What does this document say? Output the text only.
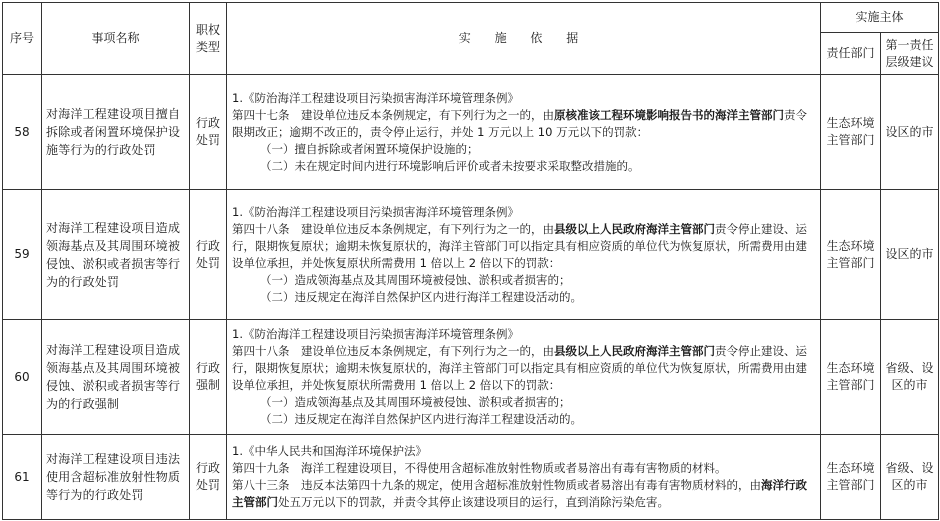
序号	事项名称	职权类型	实 施 依 据	实施主体	
				责任部门	第一责任层级建议
58	对海洋工程建设项目擅自拆除或者闲置环境保护设施等行为的行政处罚	行政处罚	1.《防治海洋工程建设项目污染损害海洋环境管理条例》

第四十七条　建设单位违反本条例规定，有下列行为之一的，由原核准该工程环境影响报告书的海洋主管部门责令限期改正；逾期不改正的，责令停止运行，并处 1 万元以上 10 万元以下的罚款：

（一）擅自拆除或者闲置环境保护设施的；

（二）未在规定时间内进行环境影响后评价或者未按要求采取整改措施的。	生态环境主管部门	设区的市
59	对海洋工程建设项目造成领海基点及其周围环境被侵蚀、淤积或者损害等行为的行政处罚	行政处罚	1.《防治海洋工程建设项目污染损害海洋环境管理条例》

第四十八条　建设单位违反本条例规定，有下列行为之一的，由县级以上人民政府海洋主管部门责令停止建设、运行，限期恢复原状；逾期未恢复原状的，海洋主管部门可以指定具有相应资质的单位代为恢复原状，所需费用由建设单位承担，并处恢复原状所需费用 1 倍以上 2 倍以下的罚款：

（一）造成领海基点及其周围环境被侵蚀、淤积或者损害的；

（二）违反规定在海洋自然保护区内进行海洋工程建设活动的。	生态环境主管部门	设区的市
60	对海洋工程建设项目造成领海基点及其周围环境被侵蚀、淤积或者损害等行为的行政强制	行政强制	1.《防治海洋工程建设项目污染损害海洋环境管理条例》

第四十八条　建设单位违反本条例规定，有下列行为之一的，由县级以上人民政府海洋主管部门责令停止建设、运行，限期恢复原状；逾期未恢复原状的，海洋主管部门可以指定具有相应资质的单位代为恢复原状，所需费用由建设单位承担，并处恢复原状所需费用 1 倍以上 2 倍以下的罚款：

（一）造成领海基点及其周围环境被侵蚀、淤积或者损害的；

（二）违反规定在海洋自然保护区内进行海洋工程建设活动的。	生态环境主管部门	省级、设区的市
61	对海洋工程建设项目违法使用含超标准放射性物质等行为的行政处罚	行政处罚	1.《中华人民共和国海洋环境保护法》

第四十九条　海洋工程建设项目，不得使用含超标准放射性物质或者易溶出有毒有害物质的材料。

第八十三条　违反本法第四十九条的规定，使用含超标准放射性物质或者易溶出有毒有害物质材料的，由海洋行政主管部门处五万元以下的罚款，并责令其停止该建设项目的运行，直到消除污染危害。	生态环境主管部门	省级、设区的市
